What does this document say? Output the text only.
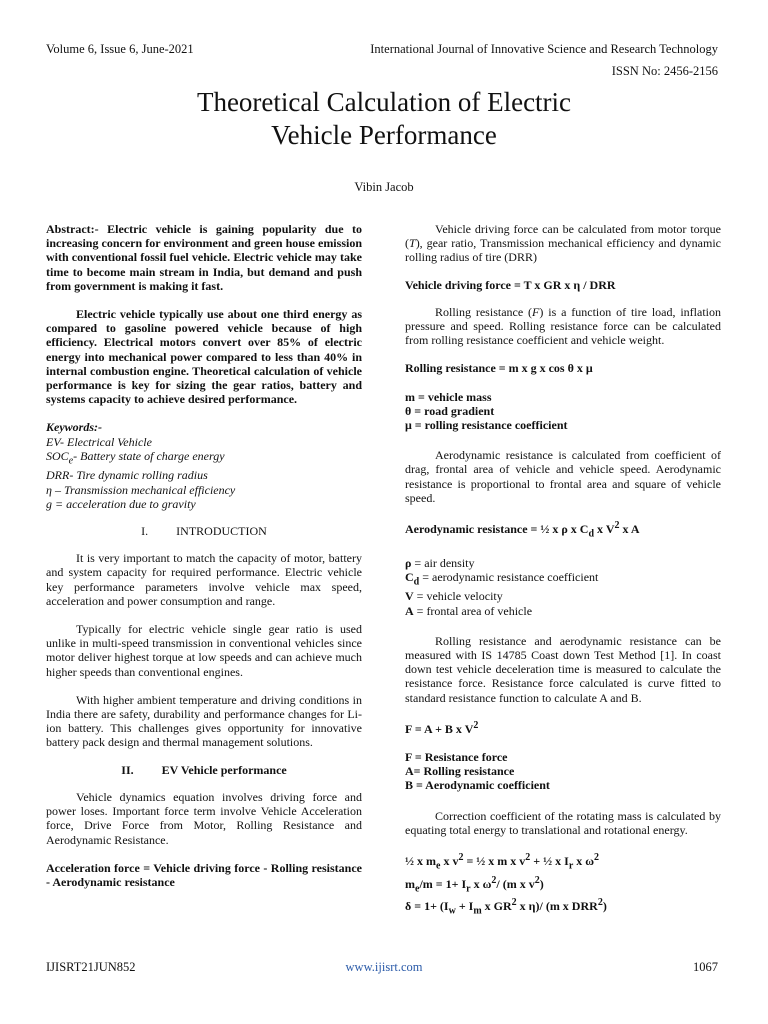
Volume 6, Issue 6, June-2021	International Journal of Innovative Science and Research Technology
ISSN No: 2456-2156
Theoretical Calculation of Electric
Vehicle Performance
Vibin Jacob

Abstract:- Electric vehicle is gaining popularity due to increasing concern for environment and green house emission with conventional fossil fuel vehicle. Electric vehicle may take time to become main stream in India, but demand and push from government is making it fast.

Electric vehicle typically use about one third energy as compared to gasoline powered vehicle because of high efficiency. Electrical motors convert over 85% of electric energy into mechanical power compared to less than 40% in internal combustion engine. Theoretical calculation of vehicle performance is key for sizing the gear ratios, battery and systems capacity to achieve desired performance.

Keywords:-

EV- Electrical Vehicle

$SOC_e-$ Battery state of charge energy

DRR- Tire dynamic rolling radius

η – Transmission mechanical efficiency

g = acceleration due to gravity

I. INTRODUCTION

It is very important to match the capacity of motor, battery and system capacity for required performance. Electric vehicle key performance parameters involve vehicle max speed, acceleration and power consumption and range.

Typically for electric vehicle single gear ratio is used unlike in multi-speed transmission in conventional vehicles since motor deliver highest torque at low speeds and can achieve much higher speeds than conventional engines.

With higher ambient temperature and driving conditions in India there are safety, durability and performance changes for Li-ion battery. This challenges gives opportunity for innovative battery pack design and thermal management solutions.

II. EV Vehicle performance

Vehicle dynamics equation involves driving force and power loses. Important force term involve Vehicle Acceleration force, Drive Force from Motor, Rolling Resistance and Aerodynamic Resistance.

Acceleration force = Vehicle driving force - Rolling resistance - Aerodynamic resistance

Vehicle driving force can be calculated from motor torque (T), gear ratio, Transmission mechanical efficiency and dynamic rolling radius of tire (DRR)

Vehicle driving force = T x GR x η / DRR

Rolling resistance (F) is a function of tire load, inflation pressure and speed. Rolling resistance force can be calculated from rolling resistance coefficient and vehicle weight.

Rolling resistance = m x g x cos θ x μ

m = vehicle mass

θ = road gradient

μ = rolling resistance coefficient

Aerodynamic resistance is calculated from coefficient of drag, frontal area of vehicle and vehicle speed. Aerodynamic resistance is proportional to frontal area and square of vehicle speed.

Aerodynamic resistance = ½ x ρ x $C_d$ x $V^2$ x A

ρ = air density

$C_d$ = aerodynamic resistance coefficient

V = vehicle velocity

A = frontal area of vehicle

Rolling resistance and aerodynamic resistance can be measured with IS 14785 Coast down Test Method [1]. In coast down test vehicle deceleration time is measured to calculate the resistance force. Resistance force calculated is curve fitted to standard resistance function to calculate A and B.

F = A + B x $V^2$

F = Resistance force

A= Rolling resistance

B = Aerodynamic coefficient

Correction coefficient of the rotating mass is calculated by equating total energy to translational and rotational energy.

½ x $m_e$ x $v^2$ = ½ x m x $v^2$ + ½ x $I_r$ x $\omega^2$

$m_e/m = 1+ I_r$ x $\omega^2/$ (m x $v^2$)

$\delta = 1+ (I_w + I_m$ x $GR^2$ x η)/ (m x DRR$^2$)

IJISRT21JUN852	www.ijisrt.com	1067
